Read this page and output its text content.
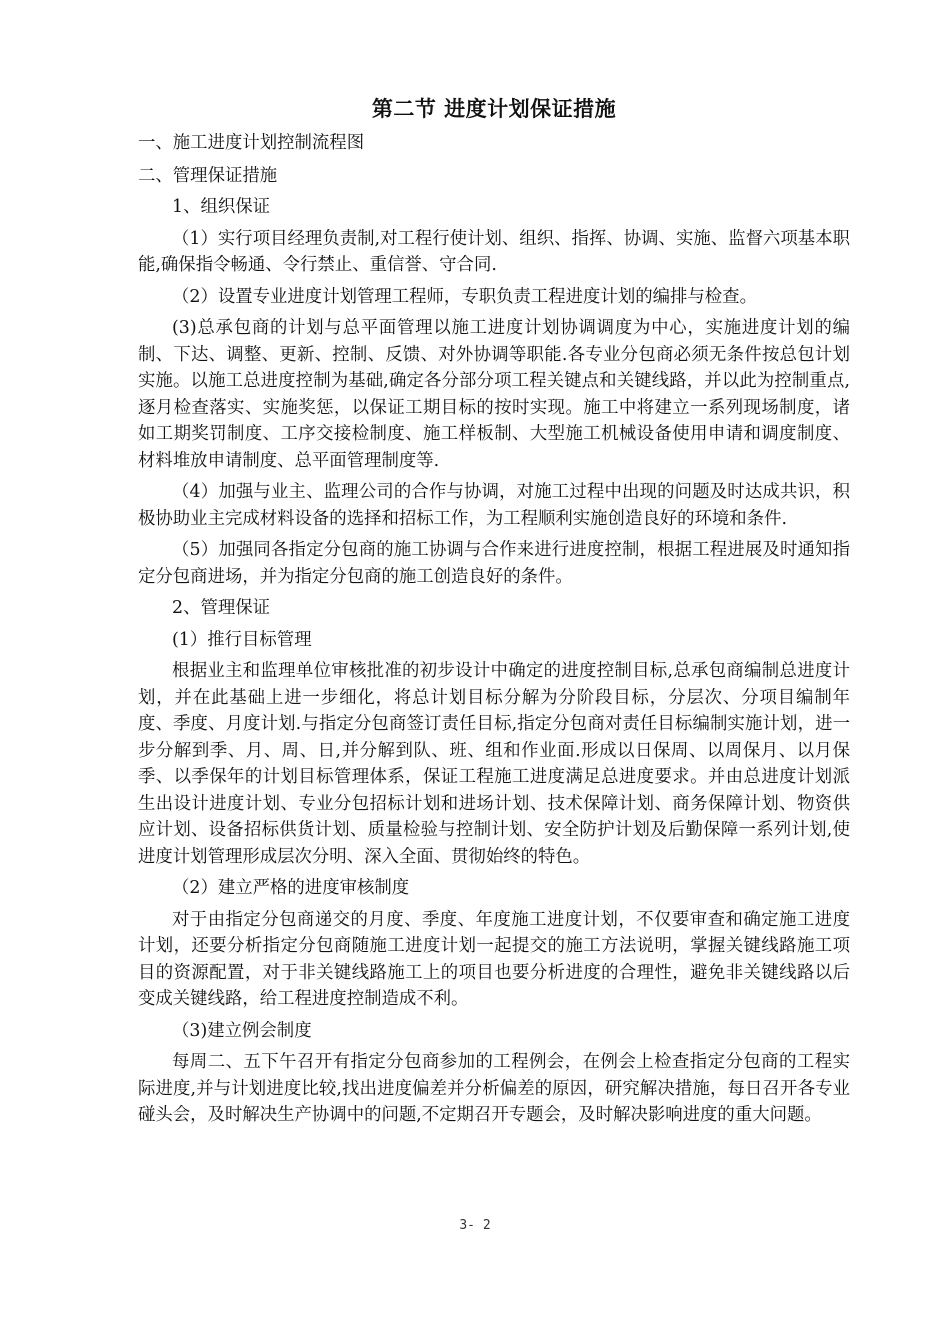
第二节 进度计划保证措施

一、施工进度计划控制流程图

二、管理保证措施

1、组织保证

（1）实行项目经理负责制,对工程行使计划、组织、指挥、协调、实施、监督六项基本职能,确保指令畅通、令行禁止、重信誉、守合同.

（2）设置专业进度计划管理工程师，专职负责工程进度计划的编排与检查。

(3)总承包商的计划与总平面管理以施工进度计划协调调度为中心，实施进度计划的编制、下达、调整、更新、控制、反馈、对外协调等职能.各专业分包商必须无条件按总包计划实施。以施工总进度控制为基础,确定各分部分项工程关键点和关键线路，并以此为控制重点,逐月检查落实、实施奖惩，以保证工期目标的按时实现。施工中将建立一系列现场制度，诸如工期奖罚制度、工序交接检制度、施工样板制、大型施工机械设备使用申请和调度制度、材料堆放申请制度、总平面管理制度等.

（4）加强与业主、监理公司的合作与协调，对施工过程中出现的问题及时达成共识，积极协助业主完成材料设备的选择和招标工作，为工程顺利实施创造良好的环境和条件.

（5）加强同各指定分包商的施工协调与合作来进行进度控制，根据工程进展及时通知指定分包商进场，并为指定分包商的施工创造良好的条件。

2、管理保证

(1）推行目标管理

根据业主和监理单位审核批准的初步设计中确定的进度控制目标,总承包商编制总进度计划，并在此基础上进一步细化，将总计划目标分解为分阶段目标，分层次、分项目编制年度、季度、月度计划.与指定分包商签订责任目标,指定分包商对责任目标编制实施计划，进一步分解到季、月、周、日,并分解到队、班、组和作业面.形成以日保周、以周保月、以月保季、以季保年的计划目标管理体系，保证工程施工进度满足总进度要求。并由总进度计划派生出设计进度计划、专业分包招标计划和进场计划、技术保障计划、商务保障计划、物资供应计划、设备招标供货计划、质量检验与控制计划、安全防护计划及后勤保障一系列计划,使进度计划管理形成层次分明、深入全面、贯彻始终的特色。

（2）建立严格的进度审核制度

对于由指定分包商递交的月度、季度、年度施工进度计划，不仅要审查和确定施工进度计划，还要分析指定分包商随施工进度计划一起提交的施工方法说明，掌握关键线路施工项目的资源配置，对于非关键线路施工上的项目也要分析进度的合理性，避免非关键线路以后变成关键线路，给工程进度控制造成不利。

（3)建立例会制度

每周二、五下午召开有指定分包商参加的工程例会，在例会上检查指定分包商的工程实际进度,并与计划进度比较,找出进度偏差并分析偏差的原因，研究解决措施，每日召开各专业碰头会，及时解决生产协调中的问题,不定期召开专题会，及时解决影响进度的重大问题。

3- 2
